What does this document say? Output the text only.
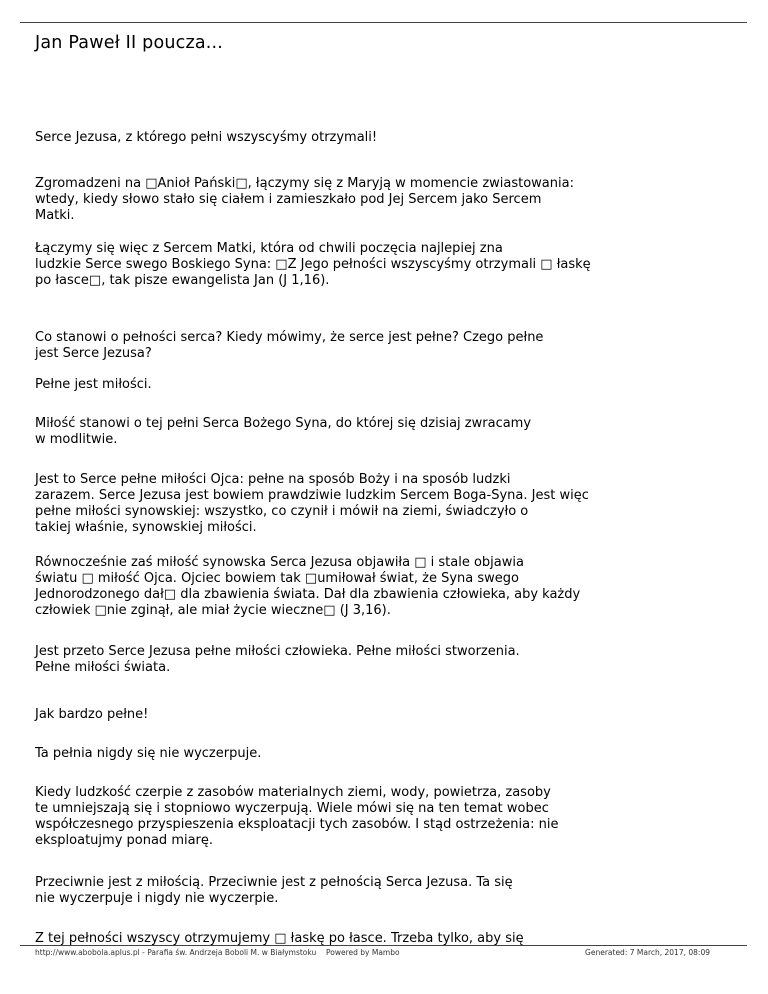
Jan Paweł II poucza...

Serce Jezusa, z którego pełni wszyscyśmy otrzymali!

Zgromadzeni na □Anioł Pański□, łączymy się z Maryją w momencie zwiastowania:
wtedy, kiedy słowo stało się ciałem i zamieszkało pod Jej Sercem jako Sercem
Matki.

Łączymy się więc z Sercem Matki, która od chwili poczęcia najlepiej zna
ludzkie Serce swego Boskiego Syna: □Z Jego pełności wszyscyśmy otrzymali □ łaskę
po łasce□, tak pisze ewangelista Jan (J 1,16).

Co stanowi o pełności serca? Kiedy mówimy, że serce jest pełne? Czego pełne
jest Serce Jezusa?

Pełne jest miłości.

Miłość stanowi o tej pełni Serca Bożego Syna, do której się dzisiaj zwracamy
w modlitwie.

Jest to Serce pełne miłości Ojca: pełne na sposób Boży i na sposób ludzki
zarazem. Serce Jezusa jest bowiem prawdziwie ludzkim Sercem Boga-Syna. Jest więc
pełne miłości synowskiej: wszystko, co czynił i mówił na ziemi, świadczyło o
takiej właśnie, synowskiej miłości.

Równocześnie zaś miłość synowska Serca Jezusa objawiła □ i stale objawia
światu □ miłość Ojca. Ojciec bowiem tak □umiłował świat, że Syna swego
Jednorodzonego dał□ dla zbawienia świata. Dał dla zbawienia człowieka, aby każdy
człowiek □nie zginął, ale miał życie wieczne□ (J 3,16).

Jest przeto Serce Jezusa pełne miłości człowieka. Pełne miłości stworzenia.
Pełne miłości świata.

Jak bardzo pełne!

Ta pełnia nigdy się nie wyczerpuje.

Kiedy ludzkość czerpie z zasobów materialnych ziemi, wody, powietrza, zasoby
te umniejszają się i stopniowo wyczerpują. Wiele mówi się na ten temat wobec
współczesnego przyspieszenia eksploatacji tych zasobów. I stąd ostrzeżenia: nie
eksploatujmy ponad miarę.

Przeciwnie jest z miłością. Przeciwnie jest z pełnością Serca Jezusa. Ta się
nie wyczerpuje i nigdy nie wyczerpie.

Z tej pełności wszyscy otrzymujemy □ łaskę po łasce. Trzeba tylko, aby się

http://www.abobola.aplus.pl - Parafia św. Andrzeja Boboli M. w Białymstoku Powered by Mambo	Generated: 7 March, 2017, 08:09
